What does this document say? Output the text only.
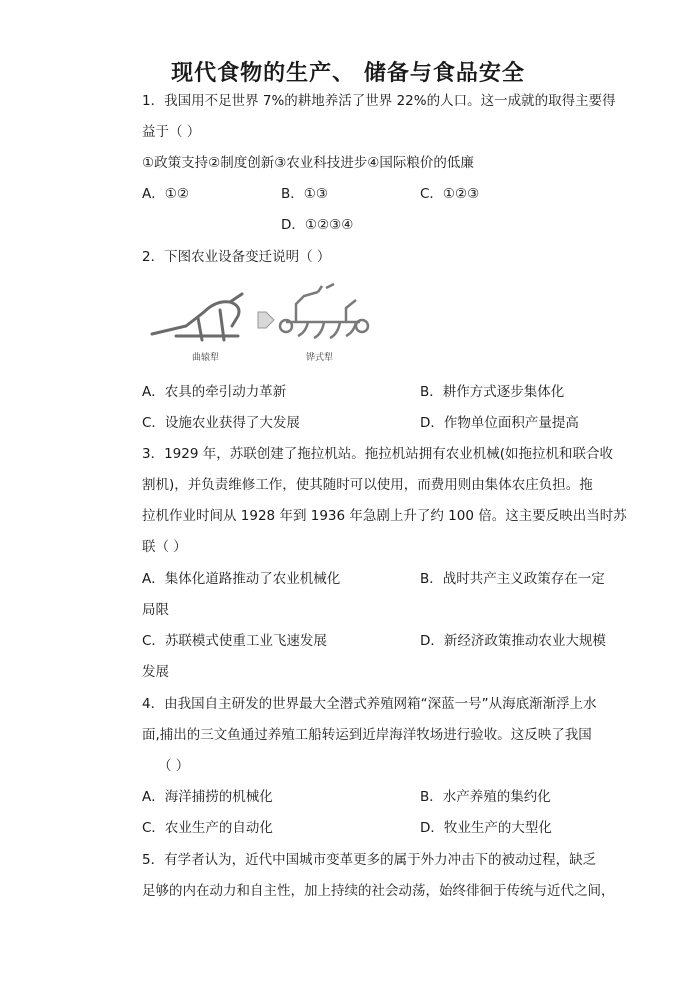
现代食物的生产、 储备与食品安全
1．我国用不足世界 7%的耕地养活了世界 22%的人口。这一成就的取得主要得
益于（ ）
①政策支持②制度创新③农业科技进步④国际粮价的低廉
A．①②	B．①③	C．①②③
D．①②③④
2．下图农业设备变迁说明（ ）
曲辕犁	铧式犁
A．农具的牵引动力革新	B．耕作方式逐步集体化
C．设施农业获得了大发展	D．作物单位面积产量提高
3．1929 年，苏联创建了拖拉机站。拖拉机站拥有农业机械(如拖拉机和联合收
割机)，并负责维修工作，使其随时可以使用，而费用则由集体农庄负担。拖
拉机作业时间从 1928 年到 1936 年急剧上升了约 100 倍。这主要反映出当时苏
联（ ）
A．集体化道路推动了农业机械化	B．战时共产主义政策存在一定
局限
C．苏联模式使重工业飞速发展	D．新经济政策推动农业大规模
发展
4．由我国自主研发的世界最大全潜式养殖网箱“深蓝一号”从海底渐渐浮上水
面,捕出的三文鱼通过养殖工船转运到近岸海洋牧场进行验收。这反映了我国
（ ）
A．海洋捕捞的机械化	B．水产养殖的集约化
C．农业生产的自动化	D．牧业生产的大型化
5．有学者认为，近代中国城市变革更多的属于外力冲击下的被动过程，缺乏
足够的内在动力和自主性，加上持续的社会动荡，始终徘徊于传统与近代之间，
